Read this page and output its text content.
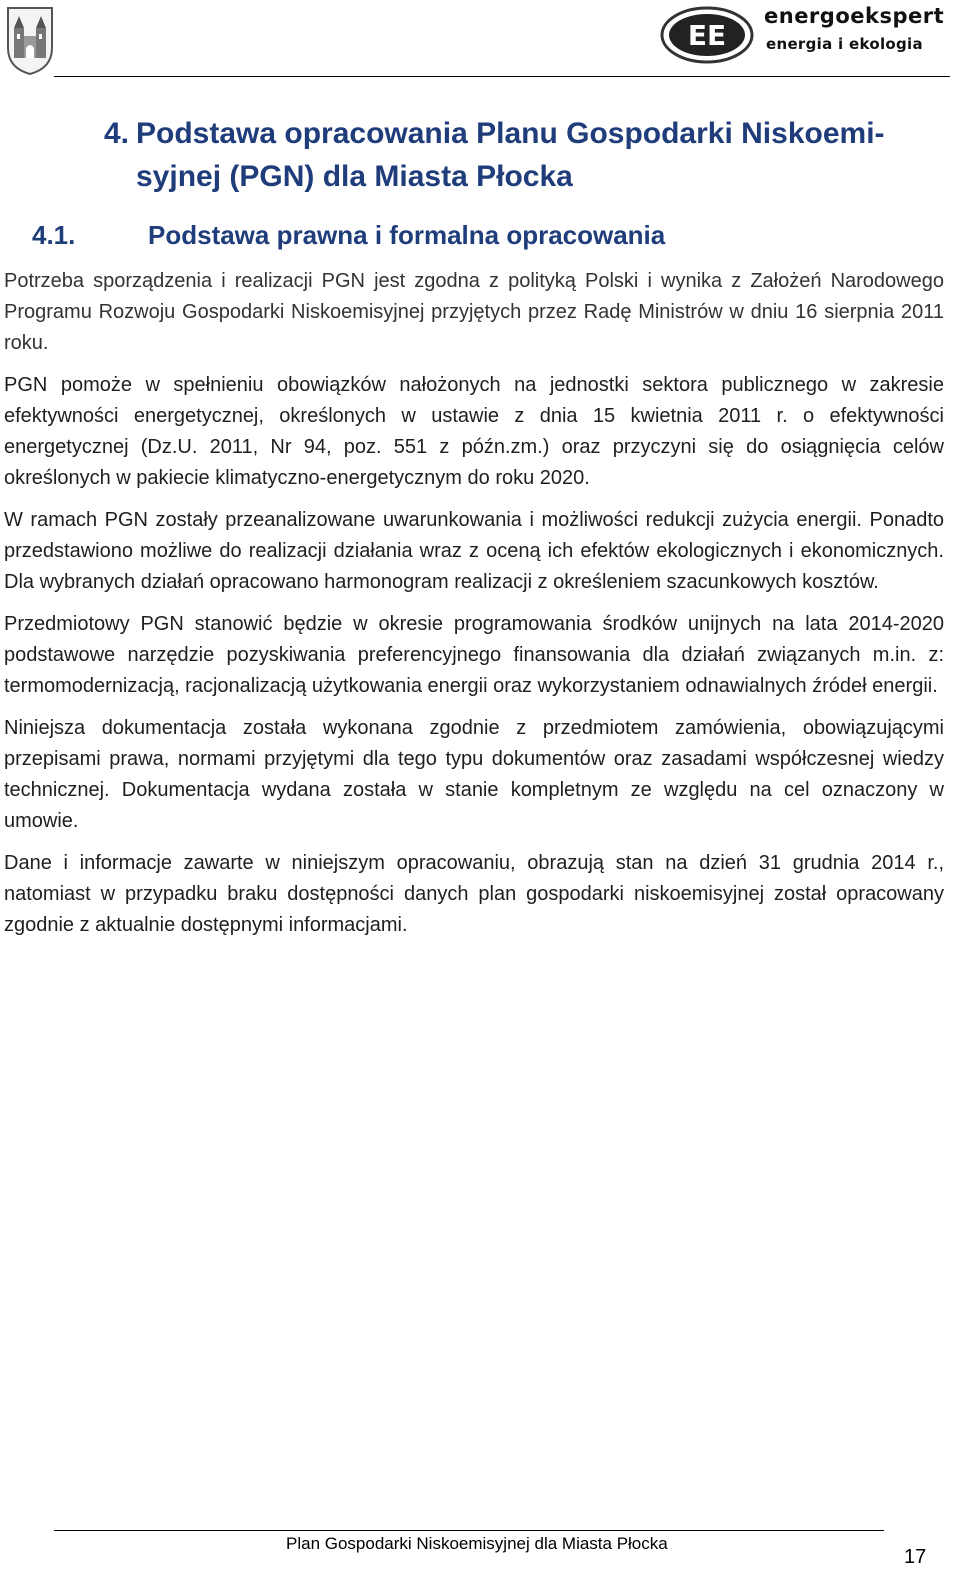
EE
energoekspert
energia i ekologia
4. Podstawa opracowania Planu Gospodarki Niskoemi-
syjnej (PGN) dla Miasta Płocka
4.1.	Podstawa prawna i formalna opracowania

Potrzeba sporządzenia i realizacji PGN jest zgodna z polityką Polski i wynika z Założeń Narodowego Programu Rozwoju Gospodarki Niskoemisyjnej przyjętych przez Radę Ministrów w dniu 16 sierpnia 2011 roku.

PGN pomoże w spełnieniu obowiązków nałożonych na jednostki sektora publicznego w zakresie efektywności energetycznej, określonych w ustawie z dnia 15 kwietnia 2011 r. o efektywności energetycznej (Dz.U. 2011, Nr 94, poz. 551 z późn.zm.) oraz przyczyni się do osiągnięcia celów określonych w pakiecie klimatyczno-energetycznym do roku 2020.

W ramach PGN zostały przeanalizowane uwarunkowania i możliwości redukcji zużycia energii. Ponadto przedstawiono możliwe do realizacji działania wraz z oceną ich efektów ekologicznych i ekonomicznych. Dla wybranych działań opracowano harmonogram realizacji z określeniem szacunkowych kosztów.

Przedmiotowy PGN stanowić będzie w okresie programowania środków unijnych na lata 2014-2020 podstawowe narzędzie pozyskiwania preferencyjnego finansowania dla działań związanych m.in. z: termomodernizacją, racjonalizacją użytkowania energii oraz wykorzystaniem odnawialnych źródeł energii.

Niniejsza dokumentacja została wykonana zgodnie z przedmiotem zamówienia, obowiązującymi przepisami prawa, normami przyjętymi dla tego typu dokumentów oraz zasadami współczesnej wiedzy technicznej. Dokumentacja wydana została w stanie kompletnym ze względu na cel oznaczony w umowie.

Dane i informacje zawarte w niniejszym opracowaniu, obrazują stan na dzień 31 grudnia 2014 r., natomiast w przypadku braku dostępności danych plan gospodarki niskoemisyjnej został opracowany zgodnie z aktualnie dostępnymi informacjami.

Plan Gospodarki Niskoemisyjnej dla Miasta Płocka
17
